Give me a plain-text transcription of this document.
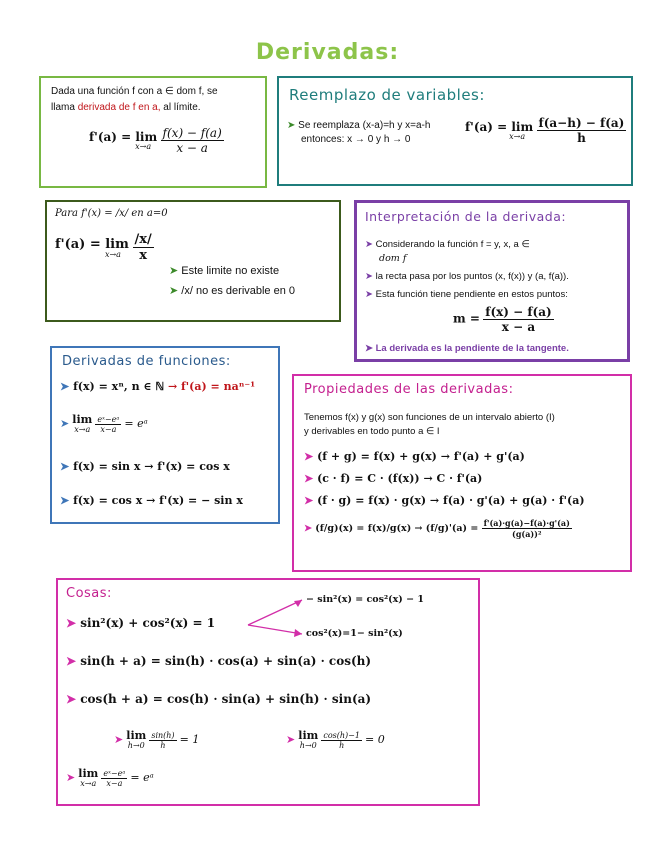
Derivadas:
Dada una función f con a ∈ dom f, se
llama derivada de f en a, al límite.
f'(a) = lim
x→a
$\frac{f(x) - f(a)}{x - a}$
Reemplazo de variables:
➤ Se reemplaza (x-a)=h y x=a-h
entonces: x → 0 y h → 0
f'(a) = lim
x→a
$\frac{f(a-h) - f(a)}{h}$
Para f'(x) = /x/ en a=0
f'(a) = lim
x→a
$\frac{/x/}{x}$
➤ Este limite no existe
➤ /x/ no es derivable en 0
Interpretación de la derivada:
➤ Considerando la función f = y, x, a ∈
dom f
➤ la recta pasa por los puntos (x, f(x)) y (a, f(a)).
➤ Esta función tiene pendiente en estos puntos:
$m = \frac{f(x) - f(a)}{x - a}$
➤ La derivada es la pendiente de la tangente.
Derivadas de funciones:
➤ f(x) = xⁿ, n ∈ ℕ → f'(a) = naⁿ⁻¹
➤ lim
x→a
$\frac{\text{eˣ−eᵃ}}{x-a}$ = eᵃ
➤ f(x) = sin x → f'(x) = cos x
➤ f(x) = cos x → f'(x) = − sin x
Propiedades de las derivadas:
Tenemos f(x) y g(x) son funciones de un intervalo abierto (I)
y derivables en todo punto a ∈ I
➤ (f + g) = f(x) + g(x) → f'(a) + g'(a)
➤ (c · f) = C · (f(x)) → C · f'(a)
➤ (f · g) = f(x) · g(x) → f(a) · g'(a) + g(a) · f'(a)
➤ $(f/g)(x) = f(x)/g(x) \to (f/g)'(a) = \frac{f'(a)\cdot g(a)-f(a)\cdot g'(a)}{\text{(g(a))²}}$
Cosas:
➤ sin²(x) + cos²(x) = 1
− sin²(x) = cos²(x) − 1
cos²(x)=1− sin²(x)
➤ sin(h + a) = sin(h) · cos(a) + sin(a) · cos(h)
➤ cos(h + a) = cos(h) · sin(a) + sin(h) · sin(a)
➤ lim
h→0
$\frac{\sin(h)}{h} = 1$	➤ lim
h→0
$\frac{\cos(h)-1}{h} = 0$
➤ lim
x→a
$\frac{\text{eˣ−eᵃ}}{x-a}$ = eᵃ
